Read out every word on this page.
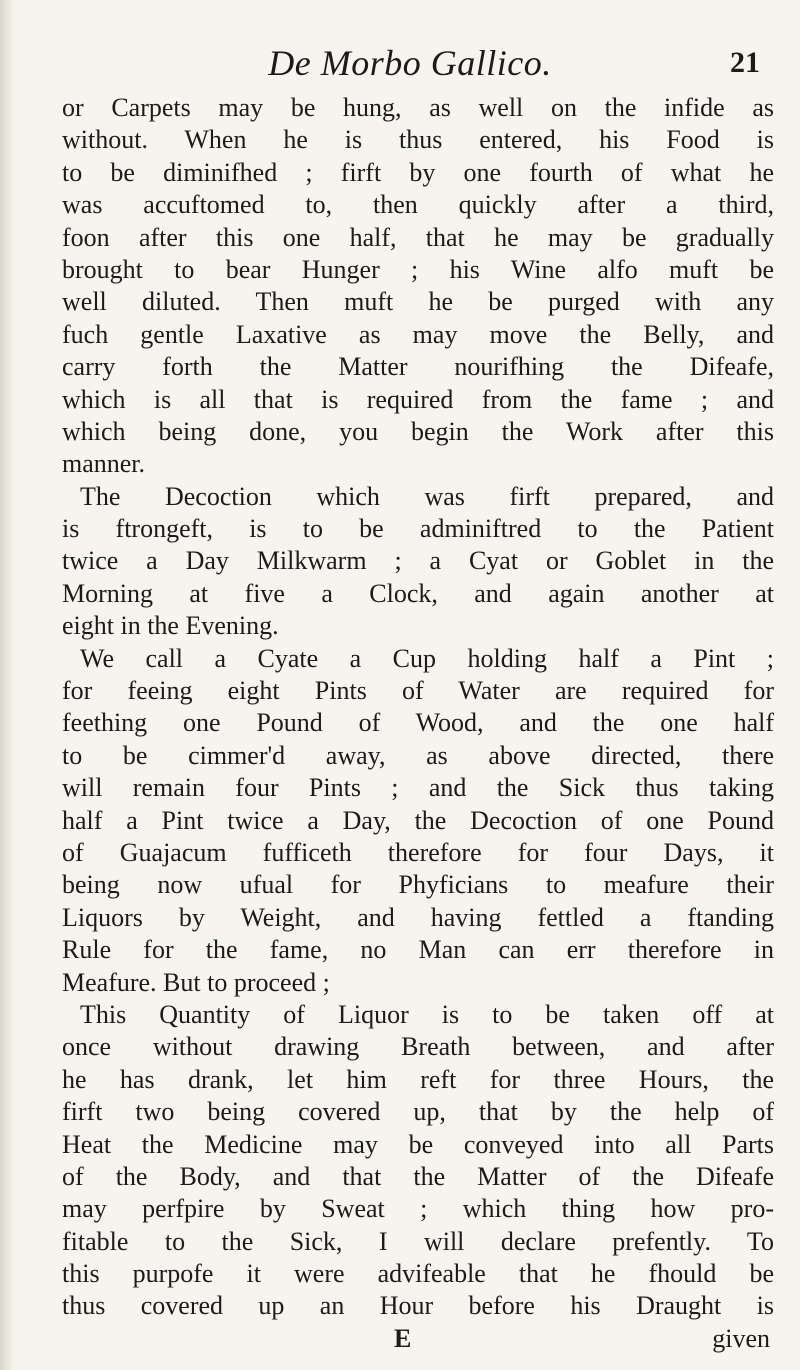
De Morbo Gallico.	21
or Carpets may be hung, as well on the infide as
without. When he is thus entered, his Food is
to be diminifhed ; firft by one fourth of what he
was accuftomed to, then quickly after a third,
foon after this one half, that he may be gradually
brought to bear Hunger ; his Wine alfo muft be
well diluted. Then muft he be purged with any
fuch gentle Laxative as may move the Belly, and
carry forth the Matter nourifhing the Difeafe,
which is all that is required from the fame ; and
which being done, you begin the Work after this
manner.
The Decoction which was firft prepared, and
is ftrongeft, is to be adminiftred to the Patient
twice a Day Milkwarm ; a Cyat or Goblet in the
Morning at five a Clock, and again another at
eight in the Evening.
We call a Cyate a Cup holding half a Pint ;
for feeing eight Pints of Water are required for
feething one Pound of Wood, and the one half
to be cimmer'd away, as above directed, there
will remain four Pints ; and the Sick thus taking
half a Pint twice a Day, the Decoction of one Pound
of Guajacum fufficeth therefore for four Days, it
being now ufual for Phyficians to meafure their
Liquors by Weight, and having fettled a ftanding
Rule for the fame, no Man can err therefore in
Meafure. But to proceed ;
This Quantity of Liquor is to be taken off at
once without drawing Breath between, and after
he has drank, let him reft for three Hours, the
firft two being covered up, that by the help of
Heat the Medicine may be conveyed into all Parts
of the Body, and that the Matter of the Difeafe
may perfpire by Sweat ; which thing how pro-
fitable to the Sick, I will declare prefently. To
this purpofe it were advifeable that he fhould be
thus covered up an Hour before his Draught is
E	given
